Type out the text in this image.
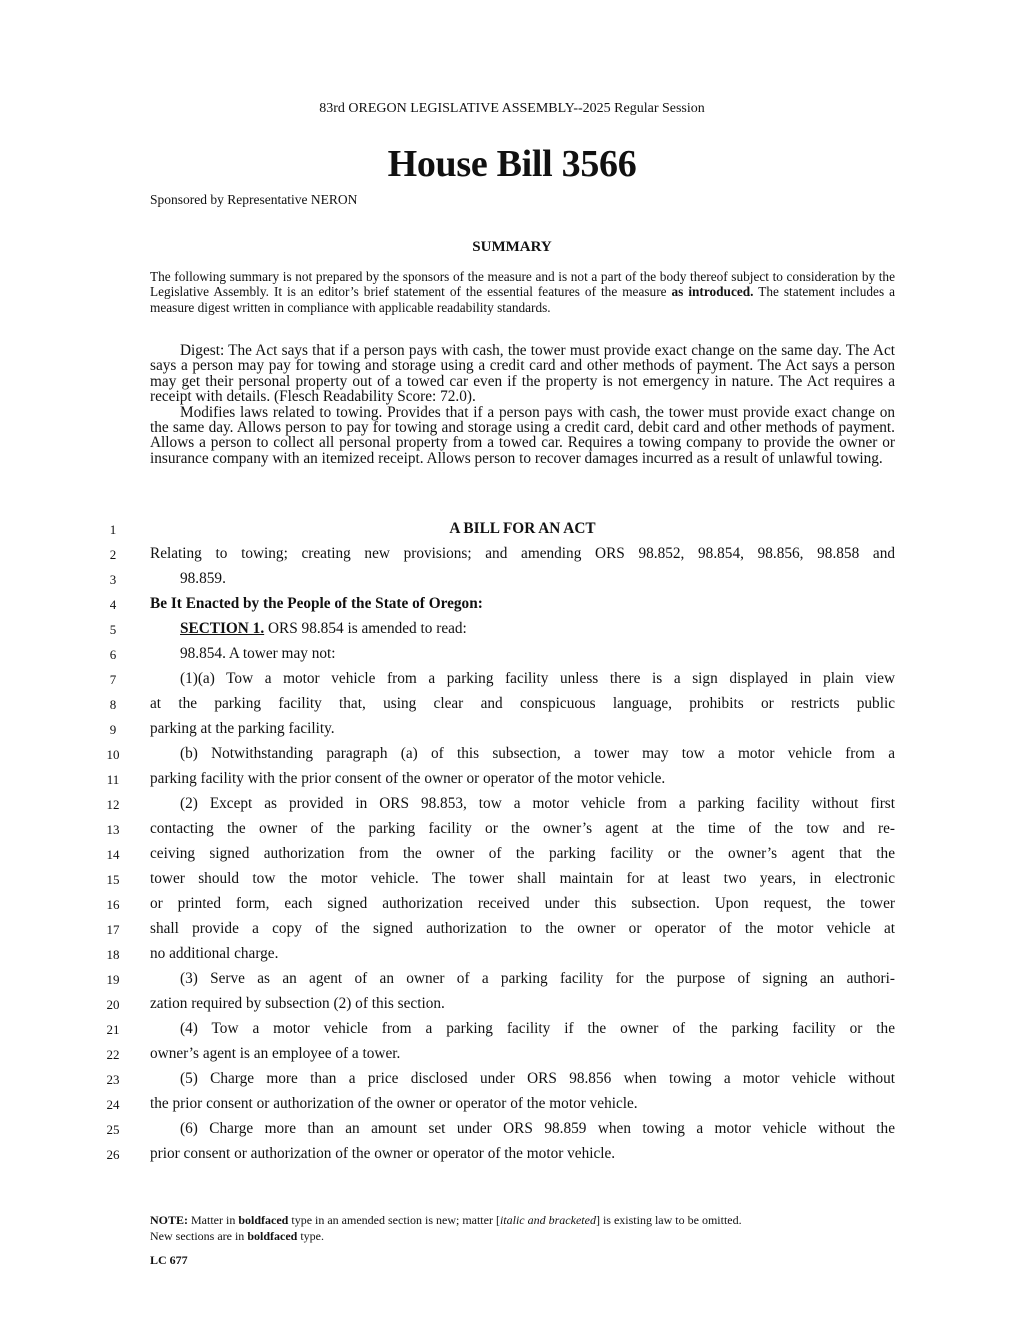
83rd OREGON LEGISLATIVE ASSEMBLY--2025 Regular Session
House Bill 3566
Sponsored by Representative NERON
SUMMARY
The following summary is not prepared by the sponsors of the measure and is not a part of the body thereof subject to consideration by the Legislative Assembly. It is an editor’s brief statement of the essential features of the measure as introduced. The statement includes a measure digest written in compliance with applicable readability standards.

Digest: The Act says that if a person pays with cash, the tower must provide exact change on the same day. The Act says a person may pay for towing and storage using a credit card and other methods of payment. The Act says a person may get their personal property out of a towed car even if the property is not emergency in nature. The Act requires a receipt with details. (Flesch Readability Score: 72.0).

Modifies laws related to towing. Provides that if a person pays with cash, the tower must provide exact change on the same day. Allows person to pay for towing and storage using a credit card, debit card and other methods of payment. Allows a person to collect all personal property from a towed car. Requires a towing company to provide the owner or insurance company with an itemized receipt. Allows person to recover damages incurred as a result of unlawful towing.

1
2
3
4
5
6
7
8
9
10
11
12
13
14
15
16
17
18
19
20
21
22
23
24
25
26
A BILL FOR AN ACT
Relating to towing; creating new provisions; and amending ORS 98.852, 98.854, 98.856, 98.858 and
98.859.
Be It Enacted by the People of the State of Oregon:
SECTION 1. ORS 98.854 is amended to read:
98.854. A tower may not:
(1)(a) Tow a motor vehicle from a parking facility unless there is a sign displayed in plain view
at the parking facility that, using clear and conspicuous language, prohibits or restricts public
parking at the parking facility.
(b) Notwithstanding paragraph (a) of this subsection, a tower may tow a motor vehicle from a
parking facility with the prior consent of the owner or operator of the motor vehicle.
(2) Except as provided in ORS 98.853, tow a motor vehicle from a parking facility without first
contacting the owner of the parking facility or the owner’s agent at the time of the tow and re-
ceiving signed authorization from the owner of the parking facility or the owner’s agent that the
tower should tow the motor vehicle. The tower shall maintain for at least two years, in electronic
or printed form, each signed authorization received under this subsection. Upon request, the tower
shall provide a copy of the signed authorization to the owner or operator of the motor vehicle at
no additional charge.
(3) Serve as an agent of an owner of a parking facility for the purpose of signing an authori-
zation required by subsection (2) of this section.
(4) Tow a motor vehicle from a parking facility if the owner of the parking facility or the
owner’s agent is an employee of a tower.
(5) Charge more than a price disclosed under ORS 98.856 when towing a motor vehicle without
the prior consent or authorization of the owner or operator of the motor vehicle.
(6) Charge more than an amount set under ORS 98.859 when towing a motor vehicle without the
prior consent or authorization of the owner or operator of the motor vehicle.
NOTE: Matter in boldfaced type in an amended section is new; matter [italic and bracketed] is existing law to be omitted.
New sections are in boldfaced type.
LC 677
